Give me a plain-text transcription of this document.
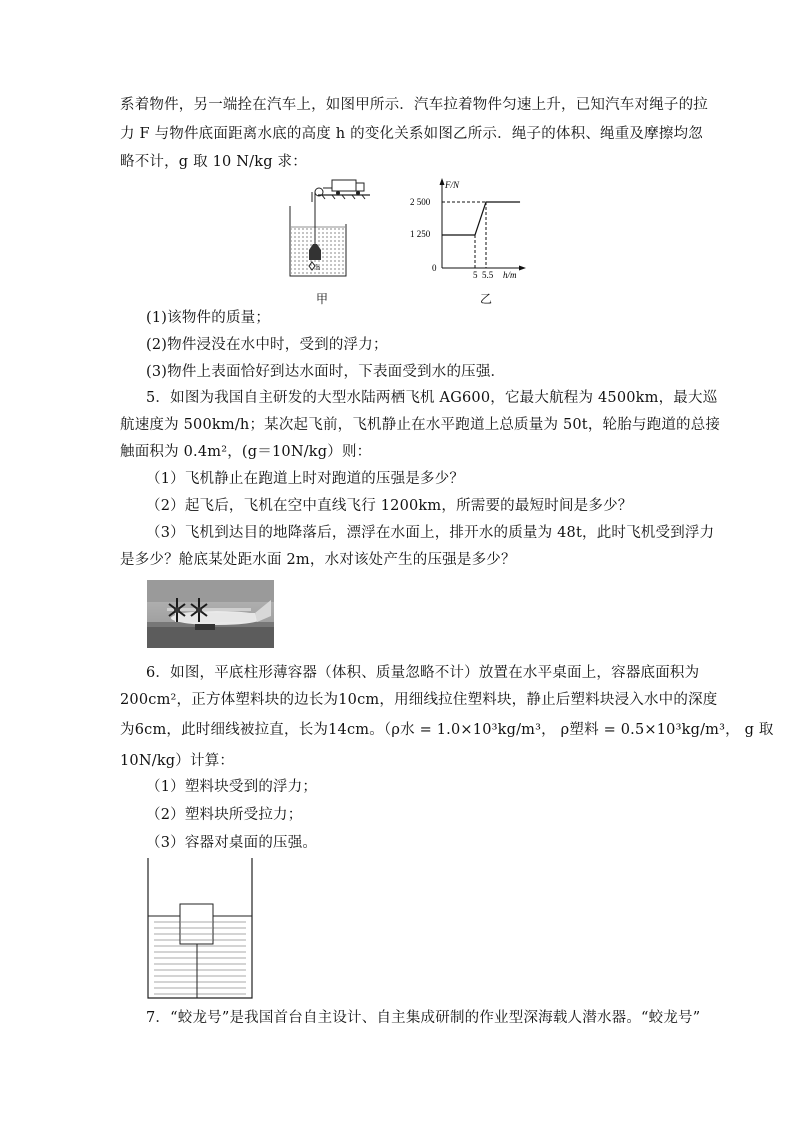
系着物件，另一端拴在汽车上，如图甲所示．汽车拉着物件匀速上升，已知汽车对绳子的拉
力 F 与物件底面距离水底的高度 h 的变化关系如图乙所示．绳子的体积、绳重及摩擦均忽
略不计，g 取 10 N/kg 求：
h
甲
F/N
h/m
2 500
1 250
0
5 5.5
乙
(1)该物件的质量；
(2)物件浸没在水中时，受到的浮力；
(3)物件上表面恰好到达水面时，下表面受到水的压强．
5．如图为我国自主研发的大型水陆两栖飞机 AG600，它最大航程为 4500km，最大巡
航速度为 500km/h；某次起飞前，飞机静止在水平跑道上总质量为 50t，轮胎与跑道的总接
触面积为 0.4m²，(g＝10N/kg）则：
（1）飞机静止在跑道上时对跑道的压强是多少？
（2）起飞后，飞机在空中直线飞行 1200km，所需要的最短时间是多少？
（3）飞机到达目的地降落后，漂浮在水面上，排开水的质量为 48t，此时飞机受到浮力
是多少？舱底某处距水面 2m，水对该处产生的压强是多少？
6．如图，平底柱形薄容器（体积、质量忽略不计）放置在水平桌面上，容器底面积为
200cm²，正方体塑料块的边长为10cm，用细线拉住塑料块，静止后塑料块浸入水中的深度
为6cm，此时细线被拉直，长为14cm。（ρ水 = 1.0×10³kg/m³， ρ塑料 = 0.5×10³kg/m³， g 取
10N/kg）计算：
（1）塑料块受到的浮力；
（2）塑料块所受拉力；
（3）容器对桌面的压强。
7．“蛟龙号”是我国首台自主设计、自主集成研制的作业型深海载人潜水器。“蛟龙号”
